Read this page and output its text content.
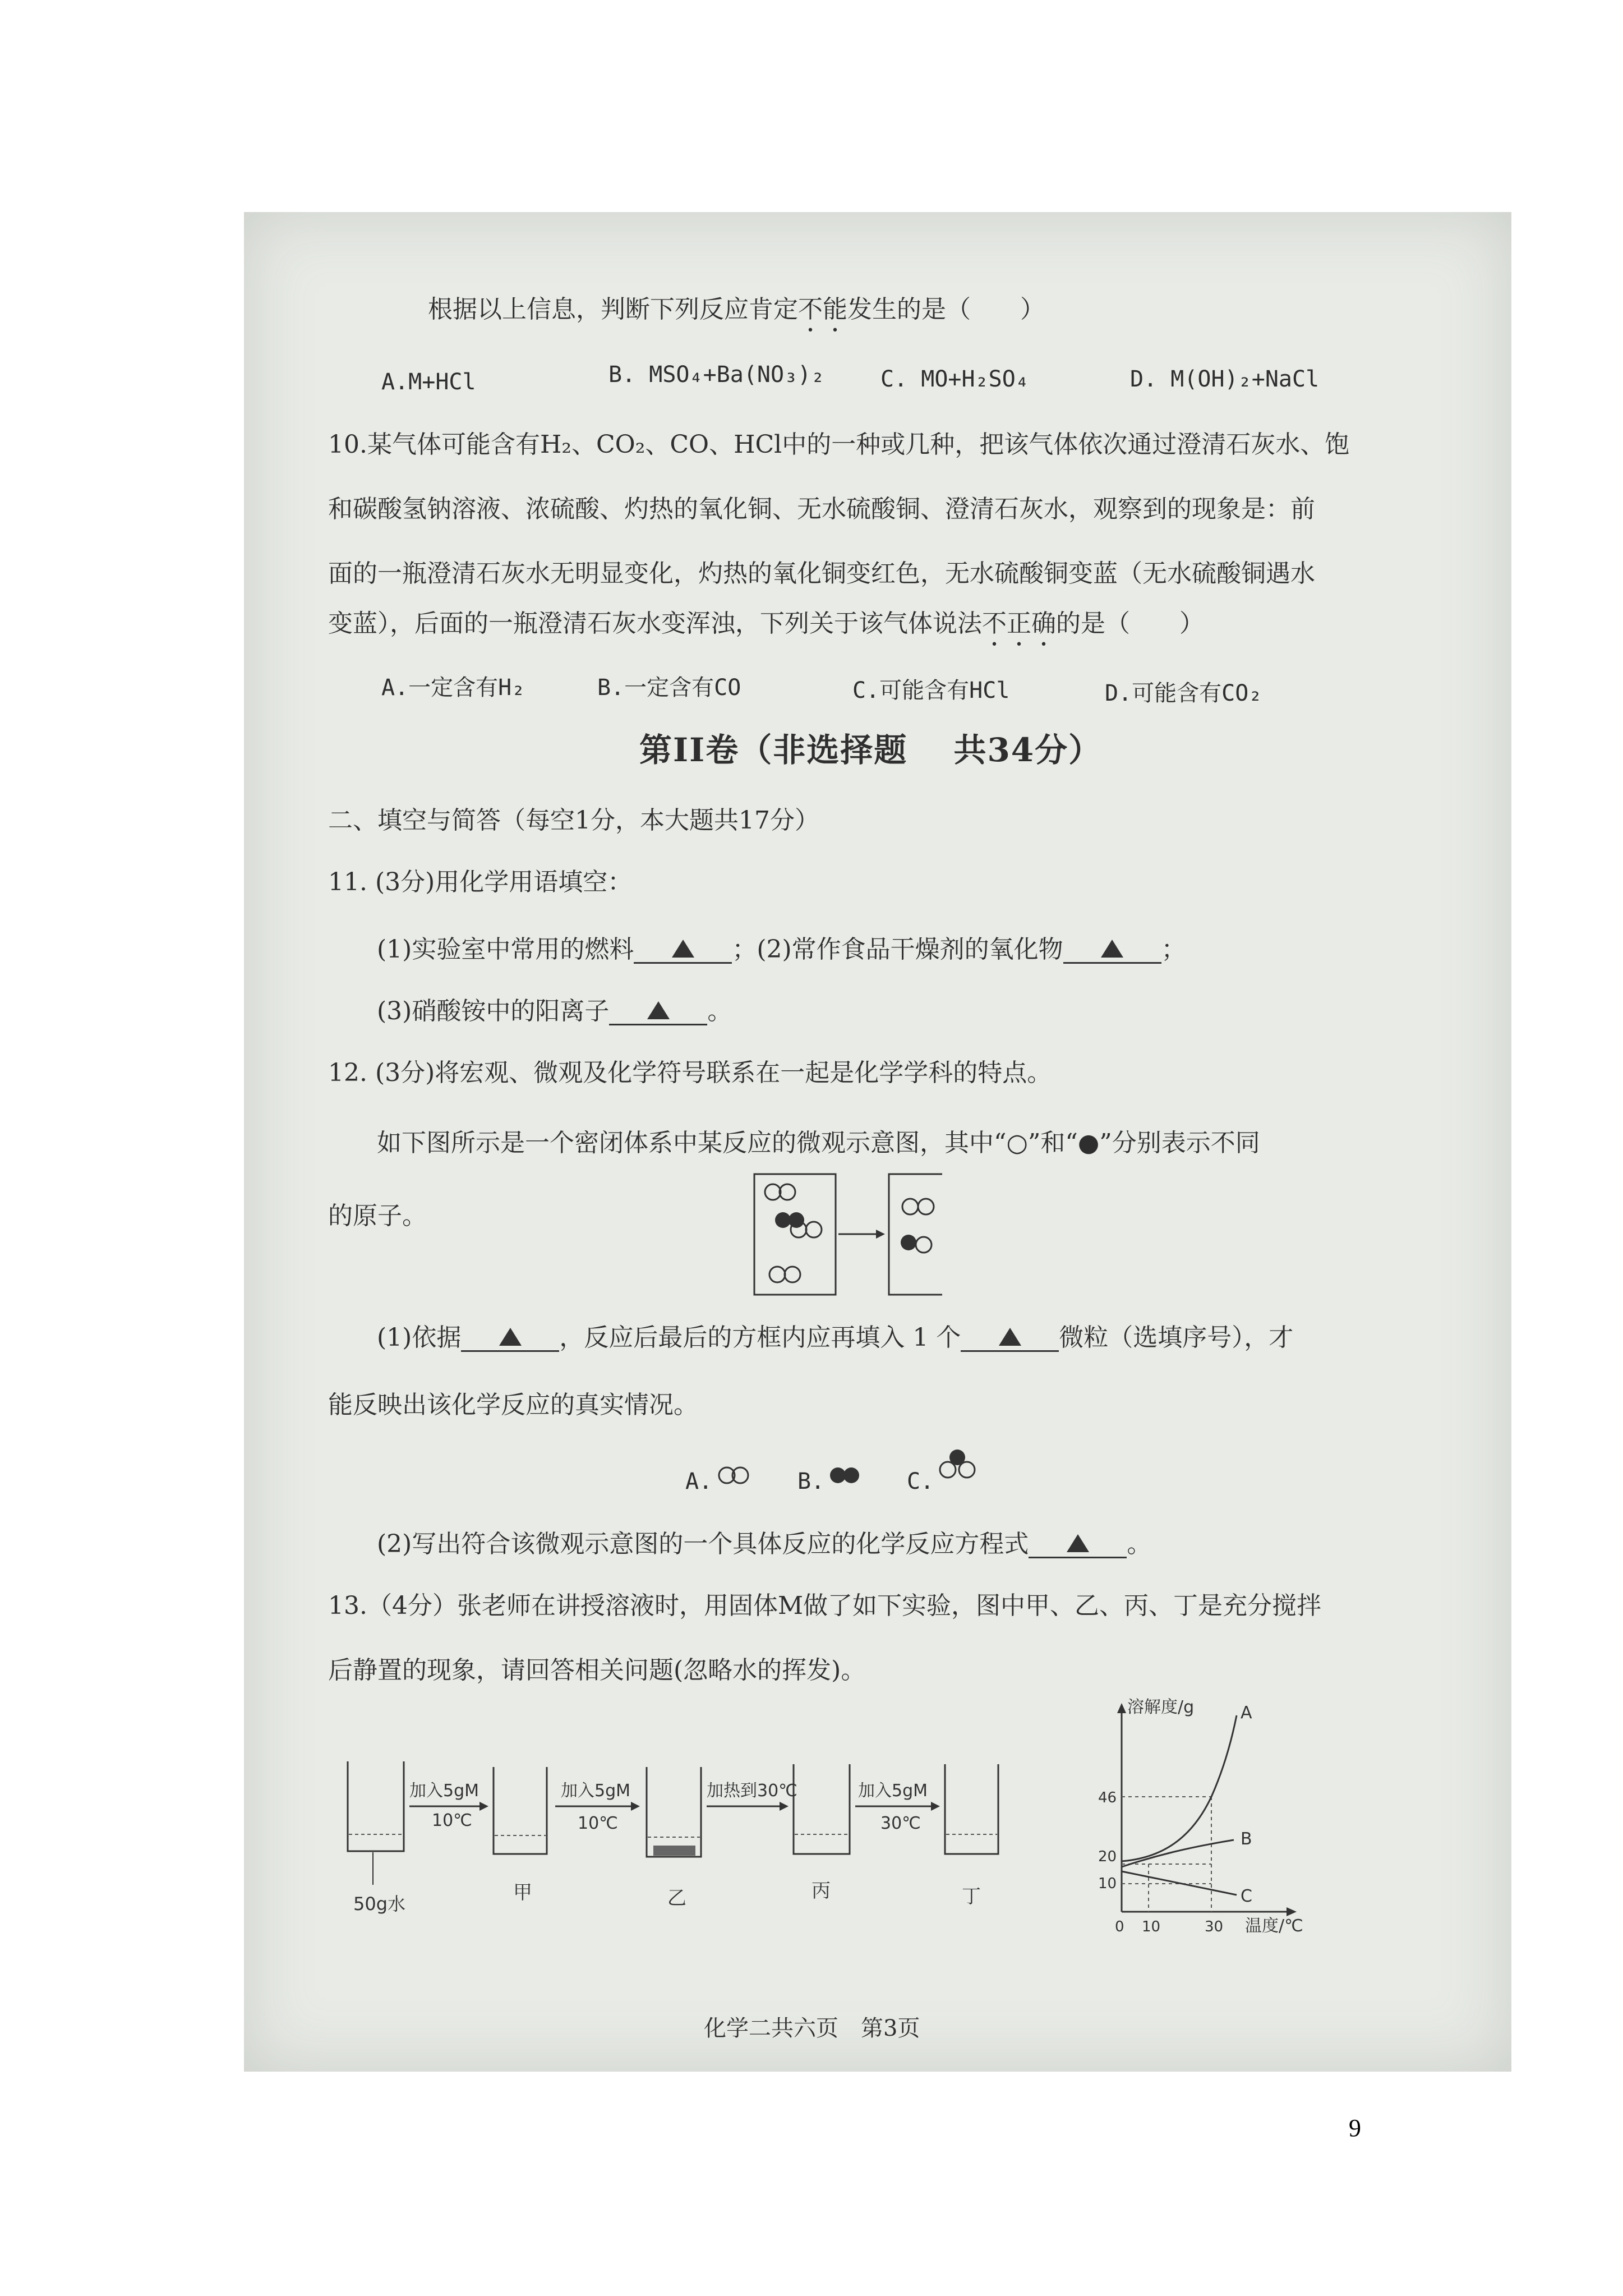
根据以上信息，判断下列反应肯定不能发生的是（　　）
A.M+HCl	B. MSO₄+Ba(NO₃)₂ C. MO+H₂SO₄	D. M(OH)₂+NaCl
10.某气体可能含有H₂、CO₂、CO、HCl中的一种或几种，把该气体依次通过澄清石灰水、饱
和碳酸氢钠溶液、浓硫酸、灼热的氧化铜、无水硫酸铜、澄清石灰水，观察到的现象是：前
面的一瓶澄清石灰水无明显变化，灼热的氧化铜变红色，无水硫酸铜变蓝（无水硫酸铜遇水
变蓝），后面的一瓶澄清石灰水变浑浊，下列关于该气体说法不正确的是（　　）
A.一定含有H₂	B.一定含有CO	C.可能含有HCl	D.可能含有CO₂
第II卷（非选择题　 共34分）
二、填空与简答（每空1分，本大题共17分）
11. (3分)用化学用语填空：
(1)实验室中常用的燃料	；(2)常作食品干燥剂的氧化物	；
(3)硝酸铵中的阳离子	。
12. (3分)将宏观、微观及化学符号联系在一起是化学学科的特点。
如下图所示是一个密闭体系中某反应的微观示意图，其中“○”和“●”分别表示不同
的原子。
(1)依据	，反应后最后的方框内应再填入 1 个	微粒（选填序号），才
能反映出该化学反应的真实情况。
A.	B.	C.
(2)写出符合该微观示意图的一个具体反应的化学反应方程式	。
13.（4分）张老师在讲授溶液时，用固体M做了如下实验，图中甲、乙、丙、丁是充分搅拌
后静置的现象，请回答相关问题(忽略水的挥发)。
加入5gM	加入5gM	加热到30℃	加入5gM
10℃	10℃	30℃
50g水	甲	乙	丙	丁
溶解度/g
温度/℃
46
20
10
0 10	30
A
B
C
化学二共六页　第3页
9
